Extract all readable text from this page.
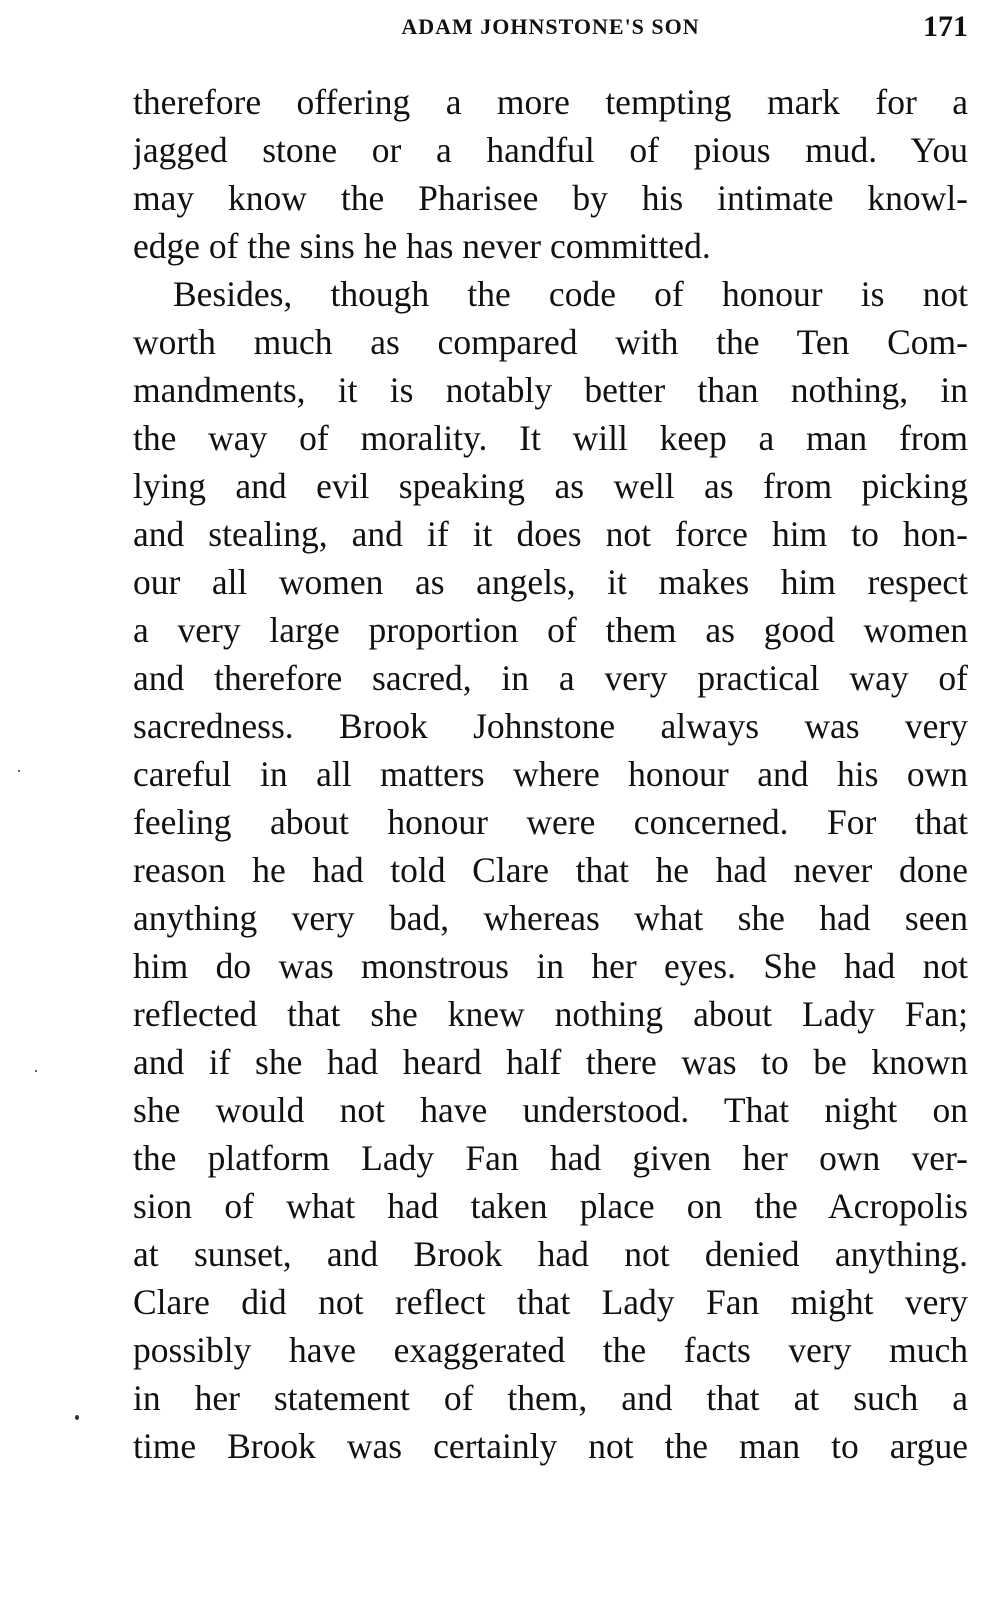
ADAM JOHNSTONE'S SON	171
therefore offering a more tempting mark for a
jagged stone or a handful of pious mud. You
may know the Pharisee by his intimate knowl-
edge of the sins he has never committed.
Besides, though the code of honour is not
worth much as compared with the Ten Com-
mandments, it is notably better than nothing, in
the way of morality. It will keep a man from
lying and evil speaking as well as from picking
and stealing, and if it does not force him to hon-
our all women as angels, it makes him respect
a very large proportion of them as good women
and therefore sacred, in a very practical way of
sacredness. Brook Johnstone always was very
careful in all matters where honour and his own
feeling about honour were concerned. For that
reason he had told Clare that he had never done
anything very bad, whereas what she had seen
him do was monstrous in her eyes. She had not
reflected that she knew nothing about Lady Fan;
and if she had heard half there was to be known
she would not have understood. That night on
the platform Lady Fan had given her own ver-
sion of what had taken place on the Acropolis
at sunset, and Brook had not denied anything.
Clare did not reflect that Lady Fan might very
possibly have exaggerated the facts very much
in her statement of them, and that at such a
time Brook was certainly not the man to argue
